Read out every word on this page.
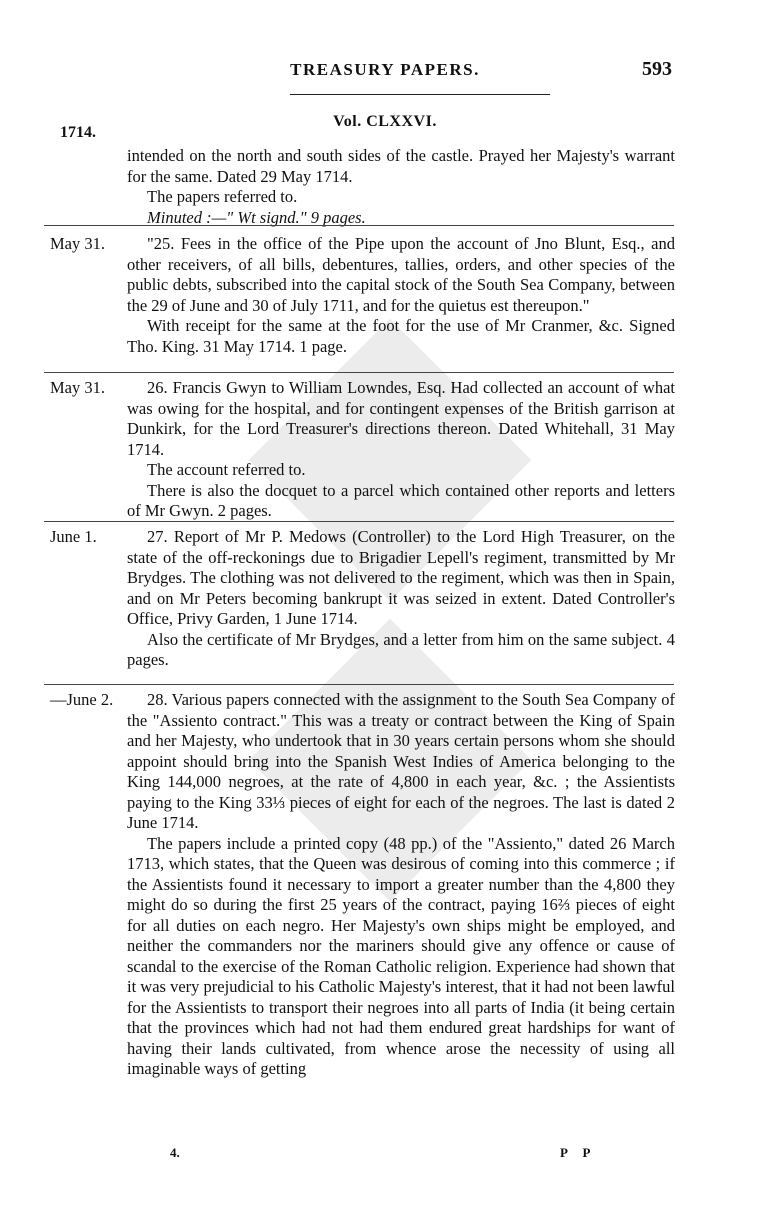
TREASURY PAPERS.	593
1714.
Vol. CLXXVI.

intended on the north and south sides of the castle. Prayed her Majesty's warrant for the same. Dated 29 May 1714.

The papers referred to.

Minuted :—" Wt signd." 9 pages.

May 31.	"25. Fees in the office of the Pipe upon the account of Jno Blunt, Esq., and other receivers, of all bills, debentures, tallies, orders, and other species of the public debts, subscribed into the capital stock of the South Sea Company, between the 29 of June and 30 of July 1711, and for the quietus est thereupon."

With receipt for the same at the foot for the use of Mr Cranmer, &c. Signed Tho. King. 31 May 1714. 1 page.

May 31.	26. Francis Gwyn to William Lowndes, Esq. Had collected an account of what was owing for the hospital, and for contingent expenses of the British garrison at Dunkirk, for the Lord Treasurer's directions thereon. Dated Whitehall, 31 May 1714.

The account referred to.

There is also the docquet to a parcel which contained other reports and letters of Mr Gwyn. 2 pages.

June 1.	27. Report of Mr P. Medows (Controller) to the Lord High Treasurer, on the state of the off-reckonings due to Brigadier Lepell's regiment, transmitted by Mr Brydges. The clothing was not delivered to the regiment, which was then in Spain, and on Mr Peters becoming bankrupt it was seized in extent. Dated Controller's Office, Privy Garden, 1 June 1714.

Also the certificate of Mr Brydges, and a letter from him on the same subject. 4 pages.

—June 2.	28. Various papers connected with the assignment to the South Sea Company of the "Assiento contract." This was a treaty or contract between the King of Spain and her Majesty, who undertook that in 30 years certain persons whom she should appoint should bring into the Spanish West Indies of America belonging to the King 144,000 negroes, at the rate of 4,800 in each year, &c. ; the Assientists paying to the King 33⅓ pieces of eight for each of the negroes. The last is dated 2 June 1714.

The papers include a printed copy (48 pp.) of the "Assiento," dated 26 March 1713, which states, that the Queen was desirous of coming into this commerce ; if the Assientists found it necessary to import a greater number than the 4,800 they might do so during the first 25 years of the contract, paying 16⅔ pieces of eight for all duties on each negro. Her Majesty's own ships might be employed, and neither the commanders nor the mariners should give any offence or cause of scandal to the exercise of the Roman Catholic religion. Experience had shown that it was very prejudicial to his Catholic Majesty's interest, that it had not been lawful for the Assientists to transport their negroes into all parts of India (it being certain that the provinces which had not had them endured great hardships for want of having their lands cultivated, from whence arose the necessity of using all imaginable ways of getting

4.	P P
